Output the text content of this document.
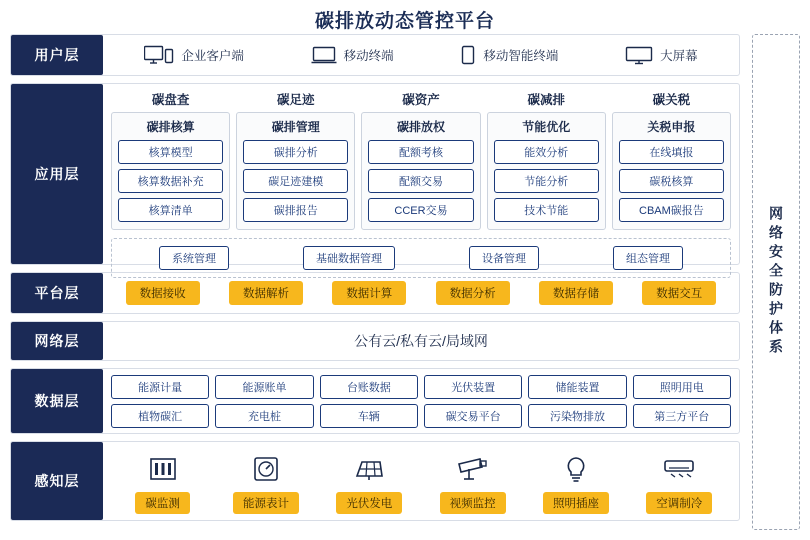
碳排放动态管控平台
用户层	企业客户端	移动终端	移动智能终端	大屏幕
应用层
碳盘查
碳排核算
核算模型
核算数据补充
核算清单
碳足迹
碳排管理
碳排分析
碳足迹建模
碳排报告
碳资产
碳排放权
配额考核
配额交易
CCER交易
碳减排
节能优化
能效分析
节能分析
技术节能
碳关税
关税申报
在线填报
碳税核算
CBAM碳报告
系统管理	基础数据管理	设备管理	组态管理
平台层	数据接收	数据解析	数据计算	数据分析	数据存储	数据交互
网络层	公有云/私有云/局域网
数据层
能源计量	能源账单	台账数据	光伏装置	储能装置	照明用电
植物碳汇	充电桩	车辆	碳交易平台	污染物排放	第三方平台
感知层
碳监测	能源表计	光伏发电	视频监控	照明插座	空调制冷
网络安全防护体系
